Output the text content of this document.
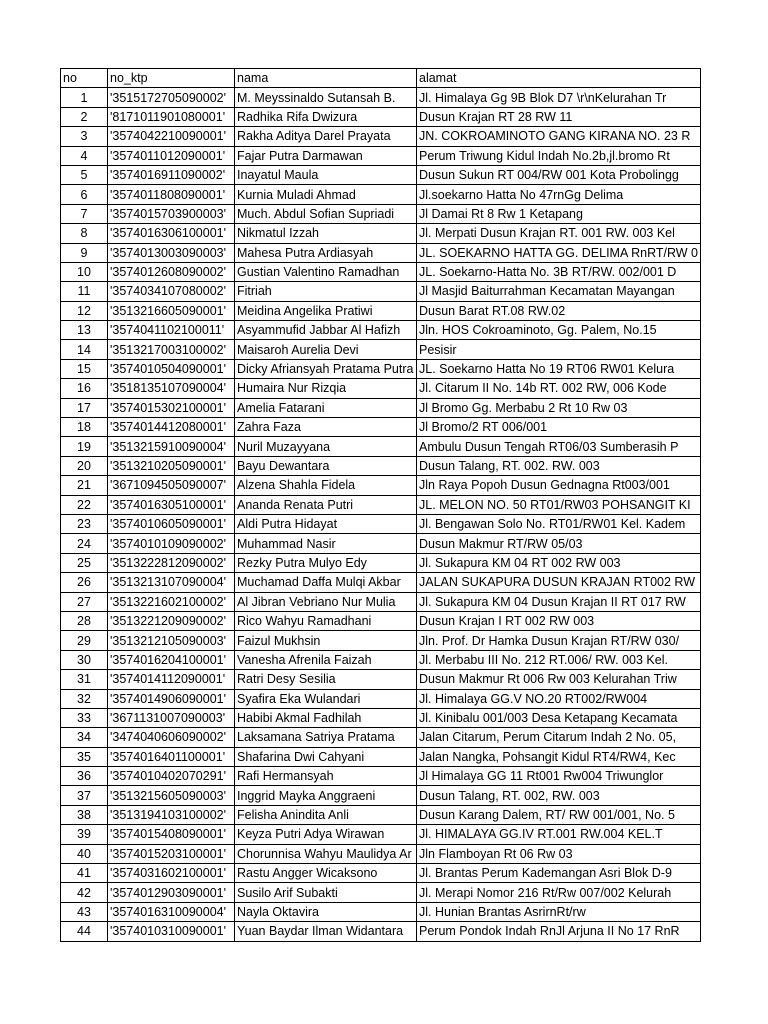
no	no_ktp	nama	alamat
1	'3515172705090002'	M. Meyssinaldo Sutansah B.	Jl. Himalaya Gg 9B Blok D7 \r\nKelurahan Tr
2	'8171011901080001'	Radhika Rifa Dwizura	Dusun Krajan RT 28 RW 11
3	'3574042210090001'	Rakha Aditya Darel Prayata	JN. COKROAMINOTO GANG KIRANA NO. 23 R
4	'3574011012090001'	Fajar Putra Darmawan	Perum Triwung Kidul Indah No.2b,jl.bromo Rt
5	'3574016911090002'	Inayatul Maula	Dusun Sukun RT 004/RW 001 Kota Probolingg
6	'3574011808090001'	Kurnia Muladi Ahmad	Jl.soekarno Hatta No 47rnGg Delima
7	'3574015703900003'	Much. Abdul Sofian Supriadi	Jl Damai Rt 8 Rw 1 Ketapang
8	'3574016306100001'	Nikmatul Izzah	Jl. Merpati Dusun Krajan RT. 001 RW. 003 Kel
9	'3574013003090003'	Mahesa Putra Ardiasyah	JL. SOEKARNO HATTA GG. DELIMA RnRT/RW 0
10	'3574012608090002'	Gustian Valentino Ramadhan	JL. Soekarno-Hatta No. 3B RT/RW. 002/001 D
11	'3574034107080002'	Fitriah	Jl Masjid Baiturrahman Kecamatan Mayangan
12	'3513216605090001'	Meidina Angelika Pratiwi	Dusun Barat RT.08 RW.02
13	'3574041102100011'	Asyammufid Jabbar Al Hafizh	Jln. HOS Cokroaminoto, Gg. Palem, No.15
14	'3513217003100002'	Maisaroh Aurelia Devi	Pesisir
15	'3574010504090001'	Dicky Afriansyah Pratama Putra	JL. Soekarno Hatta No 19 RT06 RW01 Kelura
16	'3518135107090004'	Humaira Nur Rizqia	Jl. Citarum II No. 14b RT. 002 RW, 006 Kode
17	'3574015302100001'	Amelia Fatarani	Jl Bromo Gg. Merbabu 2 Rt 10 Rw 03
18	'3574014412080001'	Zahra Faza	Jl Bromo/2 RT 006/001
19	'3513215910090004'	Nuril Muzayyana	Ambulu Dusun Tengah RT06/03 Sumberasih P
20	'3513210205090001'	Bayu Dewantara	Dusun Talang, RT. 002. RW. 003
21	'3671094505090007'	Alzena Shahla Fidela	Jln Raya Popoh Dusun Gednagna Rt003/001
22	'3574016305100001'	Ananda Renata Putri	JL. MELON NO. 50 RT01/RW03 POHSANGIT KI
23	'3574010605090001'	Aldi Putra Hidayat	Jl. Bengawan Solo No. RT01/RW01 Kel. Kadem
24	'3574010109090002'	Muhammad Nasir	Dusun Makmur RT/RW 05/03
25	'3513222812090002'	Rezky Putra Mulyo Edy	Jl. Sukapura KM 04 RT 002 RW 003
26	'3513213107090004'	Muchamad Daffa Mulqi Akbar	JALAN SUKAPURA DUSUN KRAJAN RT002 RW
27	'3513221602100002'	Al Jibran Vebriano Nur Mulia	Jl. Sukapura KM 04 Dusun Krajan II RT 017 RW
28	'3513221209090002'	Rico Wahyu Ramadhani	Dusun Krajan I RT 002 RW 003
29	'3513212105090003'	Faizul Mukhsin	Jln. Prof. Dr Hamka Dusun Krajan RT/RW 030/
30	'3574016204100001'	Vanesha Afrenila Faizah	Jl. Merbabu III No. 212 RT.006/ RW. 003 Kel.
31	'3574014112090001'	Ratri Desy Sesilia	Dusun Makmur Rt 006 Rw 003 Kelurahan Triw
32	'3574014906090001'	Syafira Eka Wulandari	Jl. Himalaya GG.V NO.20 RT002/RW004
33	'3671131007090003'	Habibi Akmal Fadhilah	Jl. Kinibalu 001/003 Desa Ketapang Kecamata
34	'3474040606090002'	Laksamana Satriya Pratama	Jalan Citarum, Perum Citarum Indah 2 No. 05,
35	'3574016401100001'	Shafarina Dwi Cahyani	Jalan Nangka, Pohsangit Kidul RT4/RW4, Kec
36	'3574010402070291'	Rafi Hermansyah	Jl Himalaya GG 11 Rt001 Rw004 Triwunglor
37	'3513215605090003'	Inggrid Mayka Anggraeni	Dusun Talang, RT. 002, RW. 003
38	'3513194103100002'	Felisha Anindita Anli	Dusun Karang Dalem, RT/ RW 001/001, No. 5
39	'3574015408090001'	Keyza Putri Adya Wirawan	Jl. HIMALAYA GG.IV RT.001 RW.004 KEL.T
40	'3574015203100001'	Chorunnisa Wahyu Maulidya Ar	Jln Flamboyan Rt 06 Rw 03
41	'3574031602100001'	Rastu Angger Wicaksono	Jl. Brantas Perum Kademangan Asri Blok D-9
42	'3574012903090001'	Susilo Arif Subakti	Jl. Merapi Nomor 216 Rt/Rw 007/002 Kelurah
43	'3574016310090004'	Nayla Oktavira	Jl. Hunian Brantas AsrirnRt/rw
44	'3574010310090001'	Yuan Baydar Ilman Widantara	Perum Pondok Indah RnJl Arjuna II No 17 RnR
